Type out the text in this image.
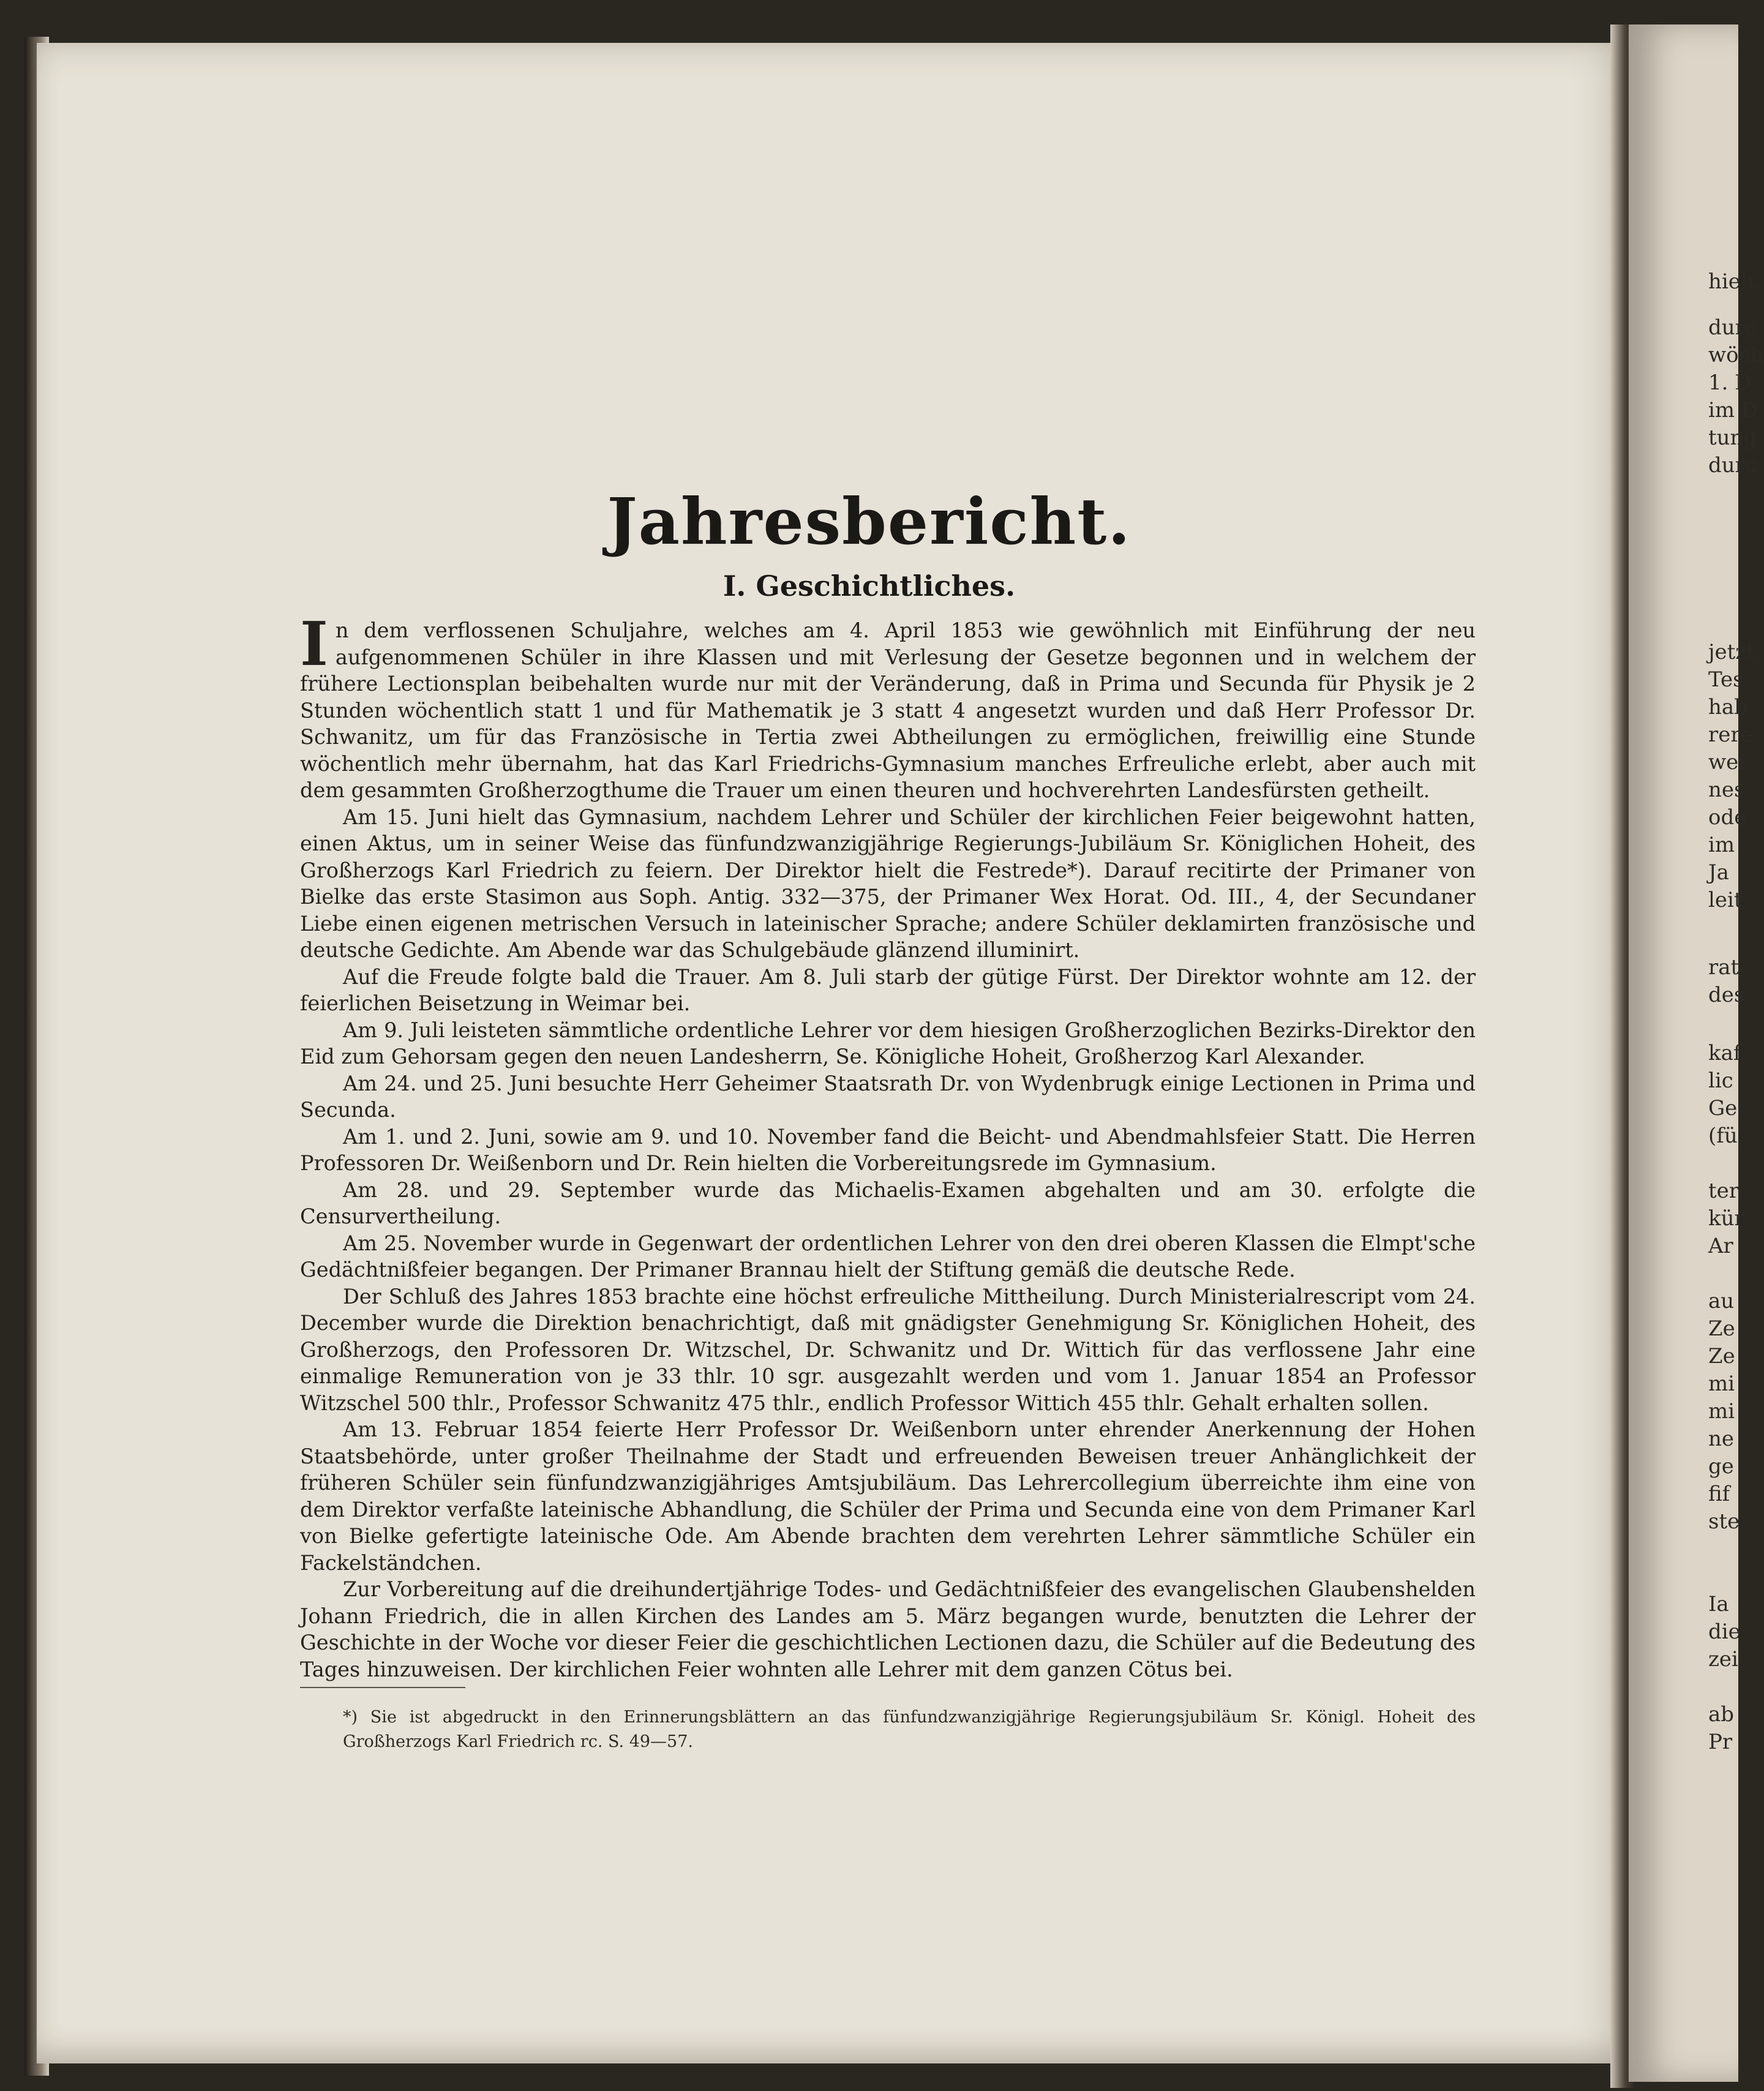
hielt
durc
wöch
1. D
im D
tung
durc
jetzt
Tes
hab
rere
wei
nes
ode
im
Ja
leit
rat
des
kaf
lic
Ge
(fü
ter
kür
Ar
au
Ze
Ze
mi
mi
ne
ge
fif
ste
Ia
die
zei
ab
Pr
Jahresbericht.
I. Geschichtliches.

In dem verflossenen Schuljahre, welches am 4. April 1853 wie gewöhnlich mit Einführung der neu aufgenommenen Schüler in ihre Klassen und mit Verlesung der Gesetze begonnen und in welchem der frühere Lectionsplan beibehalten wurde nur mit der Veränderung, daß in Prima und Secunda für Physik je 2 Stunden wöchentlich statt 1 und für Mathematik je 3 statt 4 angesetzt wurden und daß Herr Professor Dr. Schwanitz, um für das Französische in Tertia zwei Abtheilungen zu ermöglichen, freiwillig eine Stunde wöchentlich mehr übernahm, hat das Karl Friedrichs-Gymnasium manches Erfreuliche erlebt, aber auch mit dem gesammten Großherzogthume die Trauer um einen theuren und hochverehrten Landesfürsten getheilt.

Am 15. Juni hielt das Gymnasium, nachdem Lehrer und Schüler der kirchlichen Feier beigewohnt hatten, einen Aktus, um in seiner Weise das fünfundzwanzigjährige Regierungs-Jubiläum Sr. Königlichen Hoheit, des Großherzogs Karl Friedrich zu feiern. Der Direktor hielt die Festrede*). Darauf recitirte der Primaner von Bielke das erste Stasimon aus Soph. Antig. 332—375, der Primaner Wex Horat. Od. III., 4, der Secundaner Liebe einen eigenen metrischen Versuch in lateinischer Sprache; andere Schüler deklamirten französische und deutsche Gedichte. Am Abende war das Schulgebäude glänzend illuminirt.

Auf die Freude folgte bald die Trauer. Am 8. Juli starb der gütige Fürst. Der Direktor wohnte am 12. der feierlichen Beisetzung in Weimar bei.

Am 9. Juli leisteten sämmtliche ordentliche Lehrer vor dem hiesigen Großherzoglichen Bezirks-Direktor den Eid zum Gehorsam gegen den neuen Landesherrn, Se. Königliche Hoheit, Großherzog Karl Alexander.

Am 24. und 25. Juni besuchte Herr Geheimer Staatsrath Dr. von Wydenbrugk einige Lectionen in Prima und Secunda.

Am 1. und 2. Juni, sowie am 9. und 10. November fand die Beicht- und Abendmahlsfeier Statt. Die Herren Professoren Dr. Weißenborn und Dr. Rein hielten die Vorbereitungsrede im Gymnasium.

Am 28. und 29. September wurde das Michaelis-Examen abgehalten und am 30. erfolgte die Censurvertheilung.

Am 25. November wurde in Gegenwart der ordentlichen Lehrer von den drei oberen Klassen die Elmpt'sche Gedächtnißfeier begangen. Der Primaner Brannau hielt der Stiftung gemäß die deutsche Rede.

Der Schluß des Jahres 1853 brachte eine höchst erfreuliche Mittheilung. Durch Ministerialrescript vom 24. December wurde die Direktion benachrichtigt, daß mit gnädigster Genehmigung Sr. Königlichen Hoheit, des Großherzogs, den Professoren Dr. Witzschel, Dr. Schwanitz und Dr. Wittich für das verflossene Jahr eine einmalige Remuneration von je 33 thlr. 10 sgr. ausgezahlt werden und vom 1. Januar 1854 an Professor Witzschel 500 thlr., Professor Schwanitz 475 thlr., endlich Professor Wittich 455 thlr. Gehalt erhalten sollen.

Am 13. Februar 1854 feierte Herr Professor Dr. Weißenborn unter ehrender Anerkennung der Hohen Staatsbehörde, unter großer Theilnahme der Stadt und erfreuenden Beweisen treuer Anhänglichkeit der früheren Schüler sein fünfundzwanzigjähriges Amtsjubiläum. Das Lehrercollegium überreichte ihm eine von dem Direktor verfaßte lateinische Abhandlung, die Schüler der Prima und Secunda eine von dem Primaner Karl von Bielke gefertigte lateinische Ode. Am Abende brachten dem verehrten Lehrer sämmtliche Schüler ein Fackelständchen.

Zur Vorbereitung auf die dreihundertjährige Todes- und Gedächtnißfeier des evangelischen Glaubenshelden Johann Friedrich, die in allen Kirchen des Landes am 5. März begangen wurde, benutzten die Lehrer der Geschichte in der Woche vor dieser Feier die geschichtlichen Lectionen dazu, die Schüler auf die Bedeutung des Tages hinzuweisen. Der kirchlichen Feier wohnten alle Lehrer mit dem ganzen Cötus bei.

*) Sie ist abgedruckt in den Erinnerungsblättern an das fünfundzwanzigjährige Regierungsjubiläum Sr. Königl. Hoheit des Großherzogs Karl Friedrich rc. S. 49—57.
